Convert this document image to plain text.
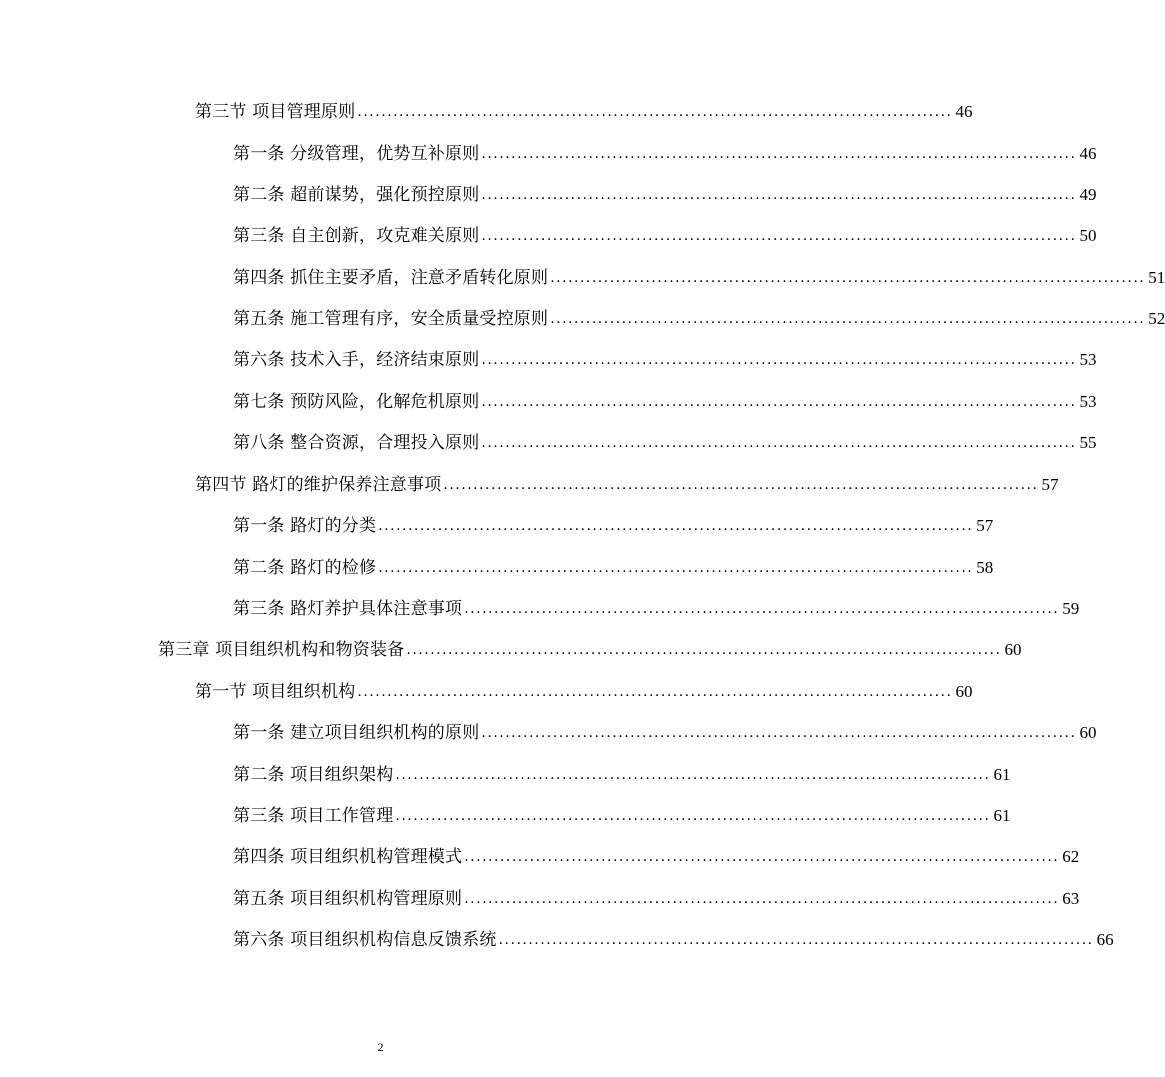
第三节 项目管理原则 .................................................................................................... 46
第一条 分级管理，优势互补原则 .................................................................................................... 46
第二条 超前谋势，强化预控原则 .................................................................................................... 49
第三条 自主创新，攻克难关原则 .................................................................................................... 50
第四条 抓住主要矛盾，注意矛盾转化原则 .................................................................................................... 51
第五条 施工管理有序，安全质量受控原则 .................................................................................................... 52
第六条 技术入手，经济结束原则 .................................................................................................... 53
第七条 预防风险，化解危机原则 .................................................................................................... 53
第八条 整合资源，合理投入原则 .................................................................................................... 55
第四节 路灯的维护保养注意事项 .................................................................................................... 57
第一条 路灯的分类 .................................................................................................... 57
第二条 路灯的检修 .................................................................................................... 58
第三条 路灯养护具体注意事项 .................................................................................................... 59
第三章 项目组织机构和物资装备 .................................................................................................... 60
第一节 项目组织机构 .................................................................................................... 60
第一条 建立项目组织机构的原则 .................................................................................................... 60
第二条 项目组织架构 .................................................................................................... 61
第三条 项目工作管理 .................................................................................................... 61
第四条 项目组织机构管理模式 .................................................................................................... 62
第五条 项目组织机构管理原则 .................................................................................................... 63
第六条 项目组织机构信息反馈系统 .................................................................................................... 66
2
